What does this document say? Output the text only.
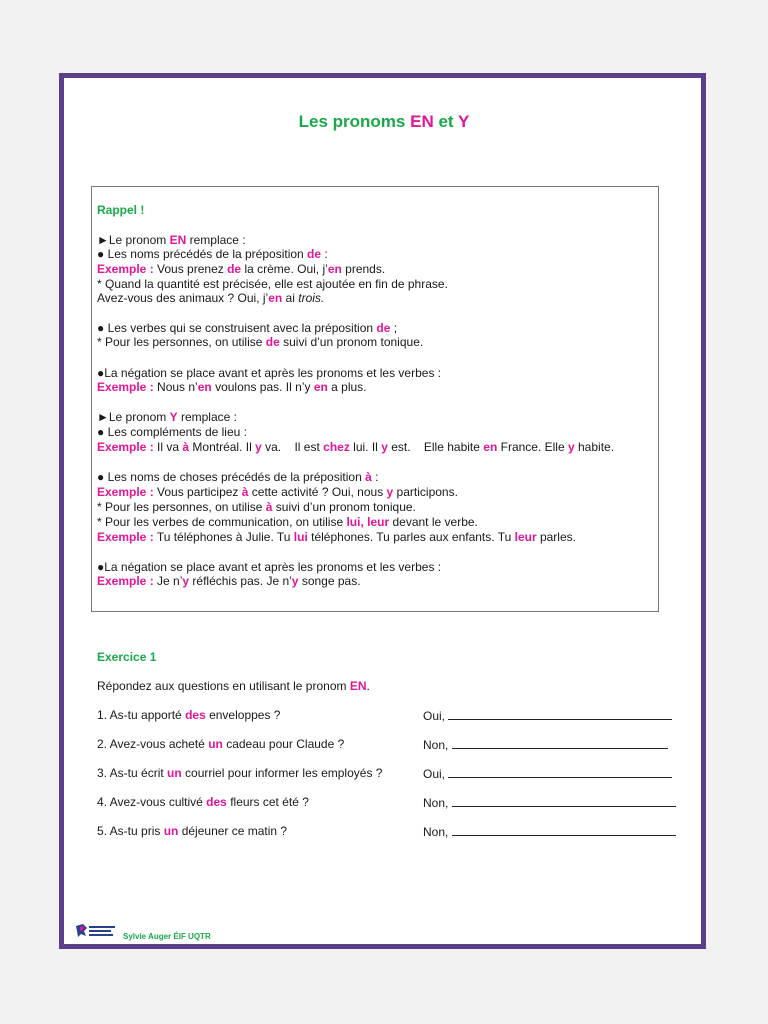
Les pronoms EN et Y
Rappel !
►Le pronom EN remplace :
● Les noms précédés de la préposition de :
Exemple : Vous prenez de la crème. Oui, j’en prends.
* Quand la quantité est précisée, elle est ajoutée en fin de phrase.
Avez-vous des animaux ? Oui, j’en ai trois.
● Les verbes qui se construisent avec la préposition de ;
* Pour les personnes, on utilise de suivi d’un pronom tonique.
●La négation se place avant et après les pronoms et les verbes :
Exemple : Nous n’en voulons pas. Il n’y en a plus.
►Le pronom Y remplace :
● Les compléments de lieu :
Exemple : Il va à Montréal. Il y va.    Il est chez lui. Il y est.    Elle habite en France. Elle y habite.
● Les noms de choses précédés de la préposition à :
Exemple : Vous participez à cette activité ? Oui, nous y participons.
* Pour les personnes, on utilise à suivi d’un pronom tonique.
* Pour les verbes de communication, on utilise lui, leur devant le verbe.
Exemple : Tu téléphones à Julie. Tu lui téléphones. Tu parles aux enfants. Tu leur parles.
●La négation se place avant et après les pronoms et les verbes :
Exemple : Je n’y réfléchis pas. Je n’y songe pas.
Exercice 1
Répondez aux questions en utilisant le pronom EN.
1. As-tu apporté des enveloppes ?	Oui,
2. Avez-vous acheté un cadeau pour Claude ?	Non,
3. As-tu écrit un courriel pour informer les employés ?	Oui,
4. Avez-vous cultivé des fleurs cet été ?	Non,
5. As-tu pris un déjeuner ce matin ?	Non,
Sylvie Auger ÉIF UQTR
